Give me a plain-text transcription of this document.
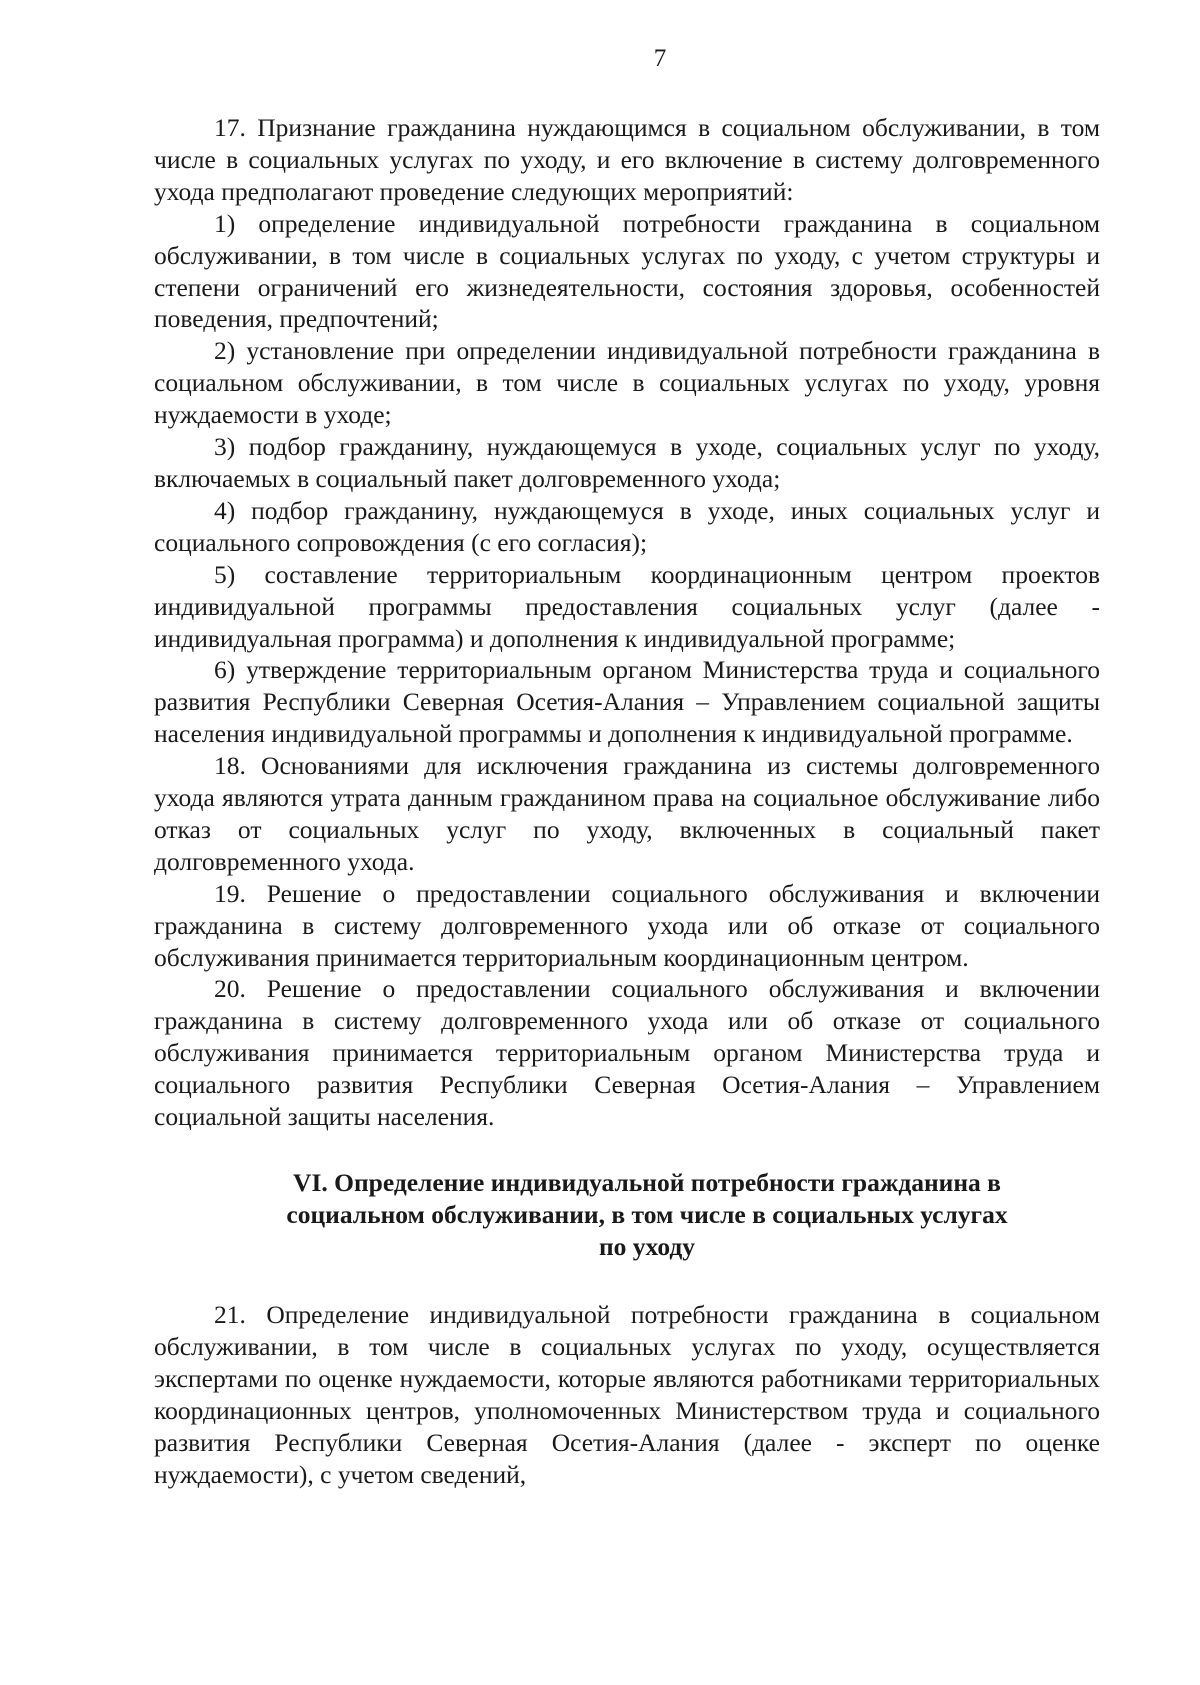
7

17. Признание гражданина нуждающимся в социальном обслуживании, в том числе в социальных услугах по уходу, и его включение в систему долговременного ухода предполагают проведение следующих мероприятий:

1) определение индивидуальной потребности гражданина в социальном обслуживании, в том числе в социальных услугах по уходу, с учетом структуры и степени ограничений его жизнедеятельности, состояния здоровья, особенностей поведения, предпочтений;

2) установление при определении индивидуальной потребности гражданина в социальном обслуживании, в том числе в социальных услугах по уходу, уровня нуждаемости в уходе;

3) подбор гражданину, нуждающемуся в уходе, социальных услуг по уходу, включаемых в социальный пакет долговременного ухода;

4) подбор гражданину, нуждающемуся в уходе, иных социальных услуг и социального сопровождения (с его согласия);

5) составление территориальным координационным центром проектов индивидуальной программы предоставления социальных услуг (далее - индивидуальная программа) и дополнения к индивидуальной программе;

6) утверждение территориальным органом Министерства труда и социального развития Республики Северная Осетия-Алания – Управлением социальной защиты населения индивидуальной программы и дополнения к индивидуальной программе.

18. Основаниями для исключения гражданина из системы долговременного ухода являются утрата данным гражданином права на социальное обслуживание либо отказ от социальных услуг по уходу, включенных в социальный пакет долговременного ухода.

19. Решение о предоставлении социального обслуживания и включении гражданина в систему долговременного ухода или об отказе от социального обслуживания принимается территориальным координационным центром.

20. Решение о предоставлении социального обслуживания и включении гражданина в систему долговременного ухода или об отказе от социального обслуживания принимается территориальным органом Министерства труда и социального развития Республики Северная Осетия-Алания – Управлением социальной защиты населения.

VI. Определение индивидуальной потребности гражданина в
социальном обслуживании, в том числе в социальных услугах
по уходу

21. Определение индивидуальной потребности гражданина в социальном обслуживании, в том числе в социальных услугах по уходу, осуществляется экспертами по оценке нуждаемости, которые являются работниками территориальных координационных центров, уполномоченных Министерством труда и социального развития Республики Северная Осетия-Алания (далее - эксперт по оценке нуждаемости), с учетом сведений,
